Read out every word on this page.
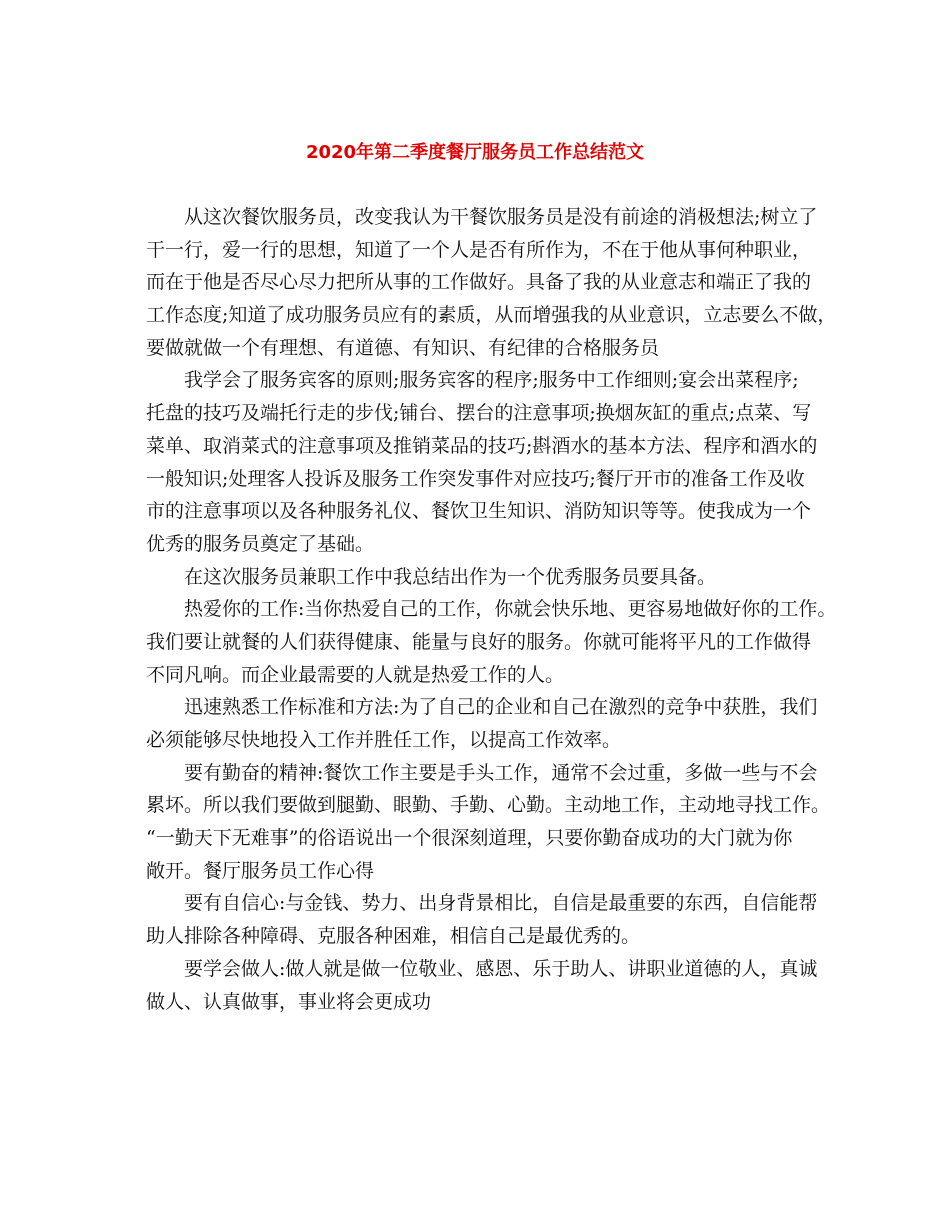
2020年第二季度餐厅服务员工作总结范文

从这次餐饮服务员，改变我认为干餐饮服务员是没有前途的消极想法;树立了
干一行，爱一行的思想，知道了一个人是否有所作为，不在于他从事何种职业，
而在于他是否尽心尽力把所从事的工作做好。具备了我的从业意志和端正了我的
工作态度;知道了成功服务员应有的素质，从而增强我的从业意识，立志要么不做，
要做就做一个有理想、有道德、有知识、有纪律的合格服务员

我学会了服务宾客的原则;服务宾客的程序;服务中工作细则;宴会出菜程序;
托盘的技巧及端托行走的步伐;铺台、摆台的注意事项;换烟灰缸的重点;点菜、写
菜单、取消菜式的注意事项及推销菜品的技巧;斟酒水的基本方法、程序和酒水的
一般知识;处理客人投诉及服务工作突发事件对应技巧;餐厅开市的准备工作及收
市的注意事项以及各种服务礼仪、餐饮卫生知识、消防知识等等。使我成为一个
优秀的服务员奠定了基础。

在这次服务员兼职工作中我总结出作为一个优秀服务员要具备。

热爱你的工作:当你热爱自己的工作，你就会快乐地、更容易地做好你的工作。
我们要让就餐的人们获得健康、能量与良好的服务。你就可能将平凡的工作做得
不同凡响。而企业最需要的人就是热爱工作的人。

迅速熟悉工作标准和方法:为了自己的企业和自己在激烈的竞争中获胜，我们
必须能够尽快地投入工作并胜任工作，以提高工作效率。

要有勤奋的精神:餐饮工作主要是手头工作，通常不会过重，多做一些与不会
累坏。所以我们要做到腿勤、眼勤、手勤、心勤。主动地工作，主动地寻找工作。
“一勤天下无难事”的俗语说出一个很深刻道理，只要你勤奋成功的大门就为你
敞开。餐厅服务员工作心得

要有自信心:与金钱、势力、出身背景相比，自信是最重要的东西，自信能帮
助人排除各种障碍、克服各种困难，相信自己是最优秀的。

要学会做人:做人就是做一位敬业、感恩、乐于助人、讲职业道德的人，真诚
做人、认真做事，事业将会更成功
